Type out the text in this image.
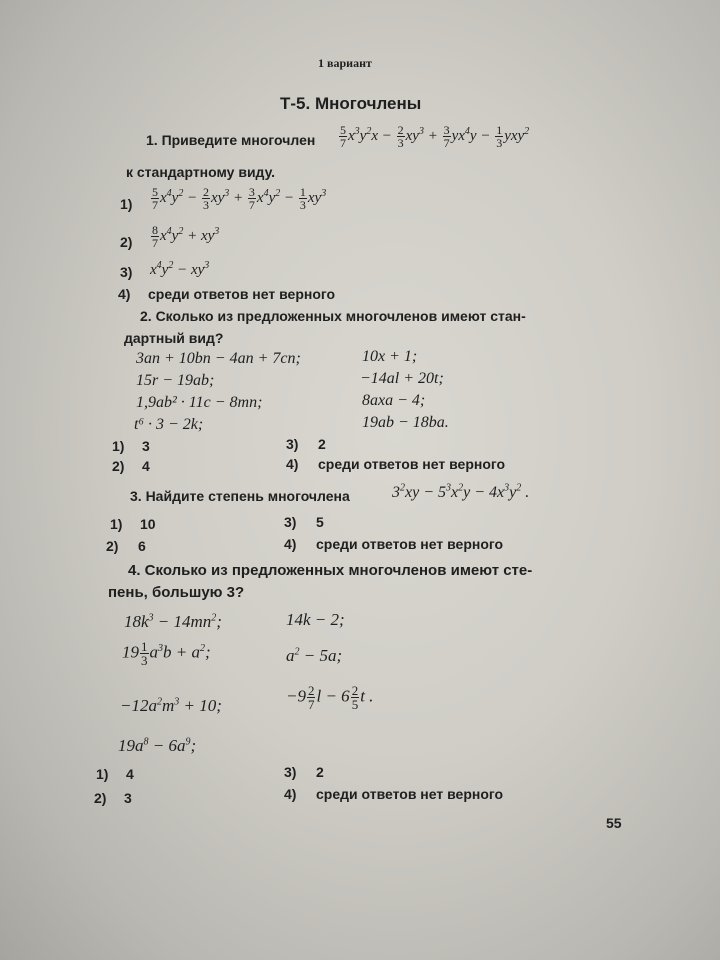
1 вариант
Т-5. Многочлены
1. Приведите многочлен $\frac{5}{7} x^3y^2x - \frac{2}{3} xy^3 + \frac{3}{7} yx^4y - \frac{1}{3} yxy^2$
к стандартному виду.
$1) \frac{5}{7} x^4y^2 - \frac{2}{3} xy^3 + \frac{3}{7} x^4y^2 - \frac{1}{3} xy^3$
$2) \frac{8}{7} x^4y^2 + xy^3$
3) $x^4y^2 - xy^3$
4) среди ответов нет верного
2. Сколько из предложенных многочленов имеют стан-
дартный вид?
3an + 10bn − 4an + 7cn;
15r − 19ab;
1,9ab² · 11c − 8mn;
t⁶ · 3 − 2k;
10x + 1;
−14al + 20t;
8axa − 4;
19ab − 18ba.
1) 3
2) 4
3) 2
4) среди ответов нет верного
3. Найдите степень многочлена	$3^2xy - 5^3x^2y - 4x^3y^2$ .
1) 10
2) 6
3) 5
4) среди ответов нет верного
4. Сколько из предложенных многочленов имеют сте-
пень, большую 3?
$18k^3 - 14mn^2$;	14k − 2;
$19 \frac{1}{3} a^3b + a^2$;	$a^2 - 5a$;
$-12a^2m^3 + 10$;
$-9 \frac{2}{7}$ $l - 6 \frac{2}{5}$ t .
$19a^8 - 6a^9$;
1) 4
2) 3
3) 2
4) среди ответов нет верного
55
